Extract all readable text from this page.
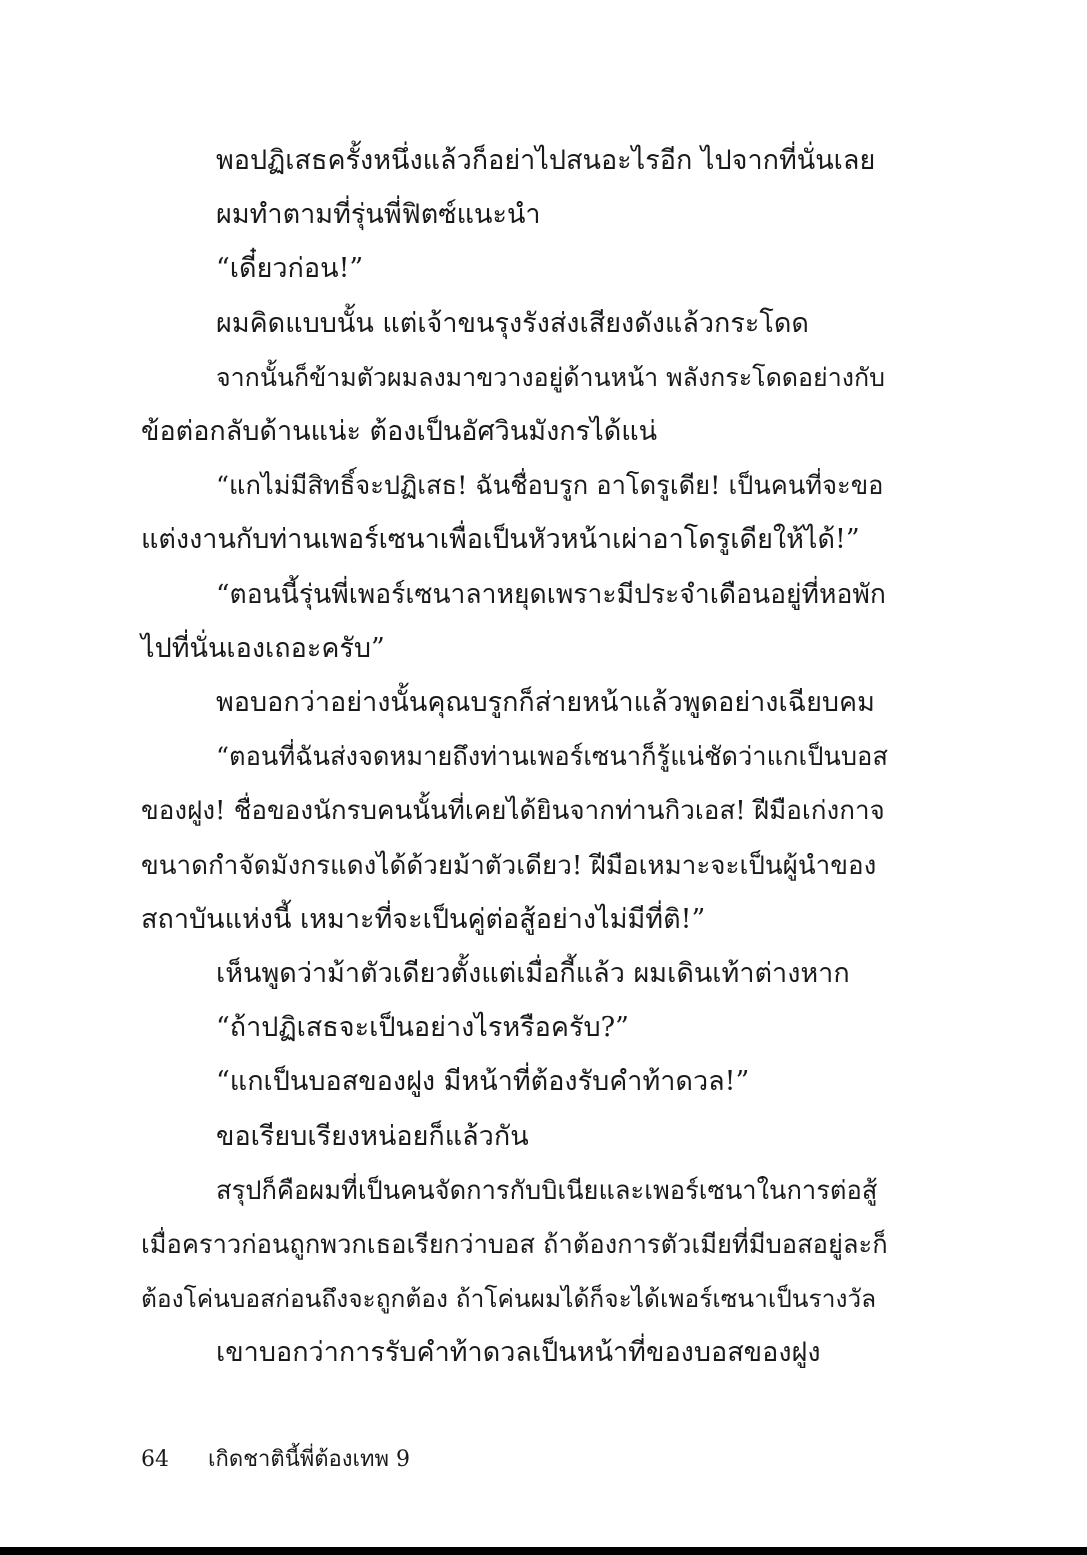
พอปฏิเสธครั้งหนึ่งแล้วก็อย่าไปสนอะไรอีก ไปจากที่นั่นเลย

ผมทำตามที่รุ่นพี่ฟิตซ์แนะนำ

“เดี๋ยวก่อน!”

ผมคิดแบบนั้น แต่เจ้าขนรุงรังส่งเสียงดังแล้วกระโดด

จากนั้นก็ข้ามตัวผมลงมาขวางอยู่ด้านหน้า พลังกระโดดอย่างกับ

ข้อต่อกลับด้านแน่ะ ต้องเป็นอัศวินมังกรได้แน่

“แกไม่มีสิทธิ์จะปฏิเสธ! ฉันชื่อบรูก อาโดรูเดีย! เป็นคนที่จะขอ

แต่งงานกับท่านเพอร์เซนาเพื่อเป็นหัวหน้าเผ่าอาโดรูเดียให้ได้!”

“ตอนนี้รุ่นพี่เพอร์เซนาลาหยุดเพราะมีประจำเดือนอยู่ที่หอพัก

ไปที่นั่นเองเถอะครับ”

พอบอกว่าอย่างนั้นคุณบรูกก็ส่ายหน้าแล้วพูดอย่างเฉียบคม

“ตอนที่ฉันส่งจดหมายถึงท่านเพอร์เซนาก็รู้แน่ชัดว่าแกเป็นบอส

ของฝูง! ชื่อของนักรบคนนั้นที่เคยได้ยินจากท่านกิวเอส! ฝีมือเก่งกาจ

ขนาดกำจัดมังกรแดงได้ด้วยม้าตัวเดียว! ฝีมือเหมาะจะเป็นผู้นำของ

สถาบันแห่งนี้ เหมาะที่จะเป็นคู่ต่อสู้อย่างไม่มีที่ติ!”

เห็นพูดว่าม้าตัวเดียวตั้งแต่เมื่อกี้แล้ว ผมเดินเท้าต่างหาก

“ถ้าปฏิเสธจะเป็นอย่างไรหรือครับ?”

“แกเป็นบอสของฝูง มีหน้าที่ต้องรับคำท้าดวล!”

ขอเรียบเรียงหน่อยก็แล้วกัน

สรุปก็คือผมที่เป็นคนจัดการกับบิเนียและเพอร์เซนาในการต่อสู้

เมื่อคราวก่อนถูกพวกเธอเรียกว่าบอส ถ้าต้องการตัวเมียที่มีบอสอยู่ละก็

ต้องโค่นบอสก่อนถึงจะถูกต้อง ถ้าโค่นผมได้ก็จะได้เพอร์เซนาเป็นรางวัล

เขาบอกว่าการรับคำท้าดวลเป็นหน้าที่ของบอสของฝูง

64 เกิดชาตินี้พี่ต้องเทพ 9
